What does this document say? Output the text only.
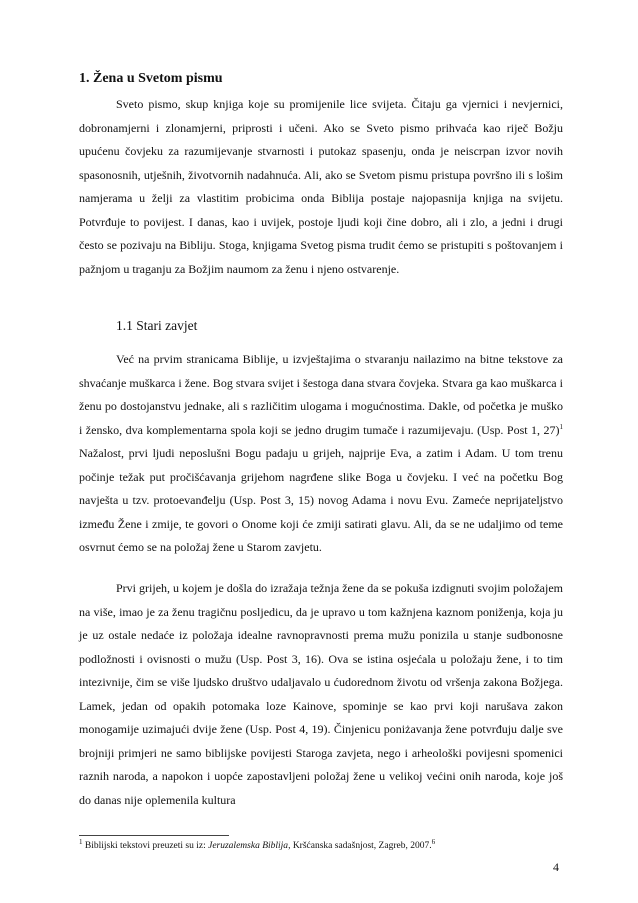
1. Žena u Svetom pismu

Sveto pismo, skup knjiga koje su promijenile lice svijeta. Čitaju ga vjernici i nevjernici, dobronamjerni i zlonamjerni, priprosti i učeni. Ako se Sveto pismo prihvaća kao riječ Božju upućenu čovjeku za razumijevanje stvarnosti i putokaz spasenju, onda je neiscrpan izvor novih spasonosnih, utješnih, životvornih nadahnuća. Ali, ako se Svetom pismu pristupa površno ili s lošim namjerama u želji za vlastitim probicima onda Biblija postaje najopasnija knjiga na svijetu. Potvrđuje to povijest. I danas, kao i uvijek, postoje ljudi koji čine dobro, ali i zlo, a jedni i drugi često se pozivaju na Bibliju. Stoga, knjigama Svetog pisma trudit ćemo se pristupiti s poštovanjem i pažnjom u traganju za Božjim naumom za ženu i njeno ostvarenje.

1.1 Stari zavjet

Već na prvim stranicama Biblije, u izvještajima o stvaranju nailazimo na bitne tekstove za shvaćanje muškarca i žene. Bog stvara svijet i šestoga dana stvara čovjeka. Stvara ga kao muškarca i ženu po dostojanstvu jednake, ali s različitim ulogama i mogućnostima. Dakle, od početka je muško i žensko, dva komplementarna spola koji se jedno drugim tumače i razumijevaju. (Usp. Post 1, 27)$^1$ Nažalost, prvi ljudi neposlušni Bogu padaju u grijeh, najprije Eva, a zatim i Adam. U tom trenu počinje težak put pročišćavanja grijehom nagrđene slike Boga u čovjeku. I već na početku Bog navješta u tzv. protoevanđelju (Usp. Post 3, 15) novog Adama i novu Evu. Zameće neprijateljstvo između Žene i zmije, te govori o Onome koji će zmiji satirati glavu. Ali, da se ne udaljimo od teme osvrnut ćemo se na položaj žene u Starom zavjetu.

Prvi grijeh, u kojem je došla do izražaja težnja žene da se pokuša izdignuti svojim položajem na više, imao je za ženu tragičnu posljedicu, da je upravo u tom kažnjena kaznom poniženja, koja ju je uz ostale nedaće iz položaja idealne ravnopravnosti prema mužu ponizila u stanje sudbonosne podložnosti i ovisnosti o mužu (Usp. Post 3, 16). Ova se istina osjećala u položaju žene, i to tim intezivnije, čim se više ljudsko društvo udaljavalo u ćudorednom životu od vršenja zakona Božjega. Lamek, jedan od opakih potomaka loze Kainove, spominje se kao prvi koji narušava zakon monogamije uzimajući dvije žene (Usp. Post 4, 19). Činjenicu poniżavanja žene potvrđuju dalje sve brojniji primjeri ne samo biblijske povijesti Staroga zavjeta, nego i arheološki povijesni spomenici raznih naroda, a napokon i uopće zapostavljeni položaj žene u velikoj većini onih naroda, koje još do danas nije oplemenila kultura

$^1$ Biblijski tekstovi preuzeti su iz: Jeruzalemska Biblija, Kršćanska sadašnjost, Zagreb, 2007.$^6$

4
